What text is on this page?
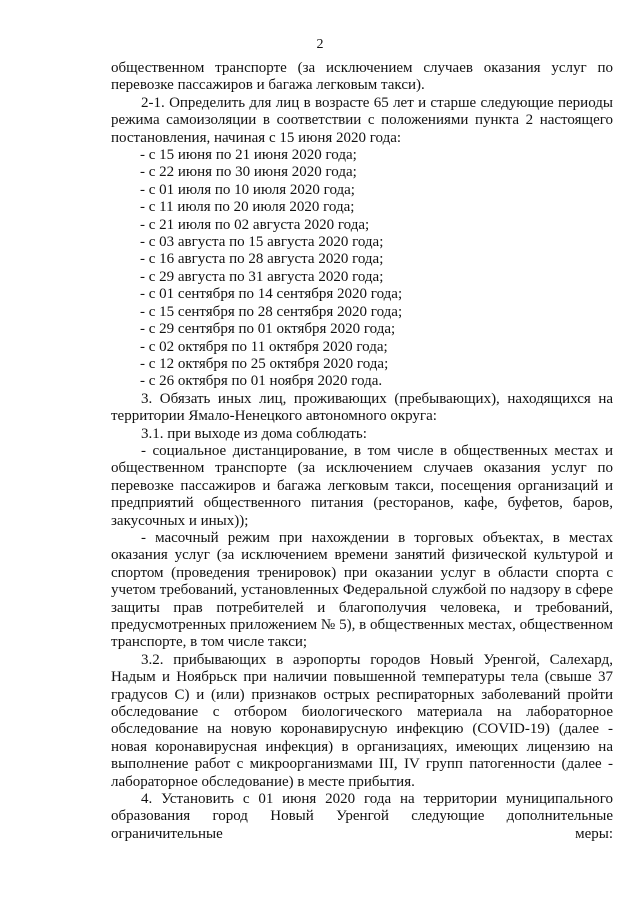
2

общественном транспорте (за исключением случаев оказания услуг по перевозке пассажиров и багажа легковым такси).

2-1. Определить для лиц в возрасте 65 лет и старше следующие периоды режима самоизоляции в соответствии с положениями пункта 2 настоящего постановления, начиная с 15 июня 2020 года:

- с 15 июня по 21 июня 2020 года;
- с 22 июня по 30 июня 2020 года;
- с 01 июля по 10 июля 2020 года;
- с 11 июля по 20 июля 2020 года;
- с 21 июля по 02 августа 2020 года;
- с 03 августа по 15 августа 2020 года;
- с 16 августа по 28 августа 2020 года;
- с 29 августа по 31 августа 2020 года;
- с 01 сентября по 14 сентября 2020 года;
- с 15 сентября по 28 сентября 2020 года;
- с 29 сентября по 01 октября 2020 года;
- с 02 октября по 11 октября 2020 года;
- с 12 октября по 25 октября 2020 года;
- с 26 октября по 01 ноября 2020 года.

3. Обязать иных лиц, проживающих (пребывающих), находящихся на территории Ямало-Ненецкого автономного округа:

3.1. при выходе из дома соблюдать:

- социальное дистанцирование, в том числе в общественных местах и общественном транспорте (за исключением случаев оказания услуг по перевозке пассажиров и багажа легковым такси, посещения организаций и предприятий общественного питания (ресторанов, кафе, буфетов, баров, закусочных и иных));

- масочный режим при нахождении в торговых объектах, в местах оказания услуг (за исключением времени занятий физической культурой и спортом (проведения тренировок) при оказании услуг в области спорта с учетом требований, установленных Федеральной службой по надзору в сфере защиты прав потребителей и благополучия человека, и требований, предусмотренных приложением № 5), в общественных местах, общественном транспорте, в том числе такси;

3.2. прибывающих в аэропорты городов Новый Уренгой, Салехард, Надым и Ноябрьск при наличии повышенной температуры тела (свыше 37 градусов С) и (или) признаков острых респираторных заболеваний пройти обследование с отбором биологического материала на лабораторное обследование на новую коронавирусную инфекцию (COVID-19) (далее - новая коронавирусная инфекция) в организациях, имеющих лицензию на выполнение работ с микроорганизмами III, IV групп патогенности (далее - лабораторное обследование) в месте прибытия.

4. Установить с 01 июня 2020 года на территории муниципального образования город Новый Уренгой следующие дополнительные ограничительные меры:
